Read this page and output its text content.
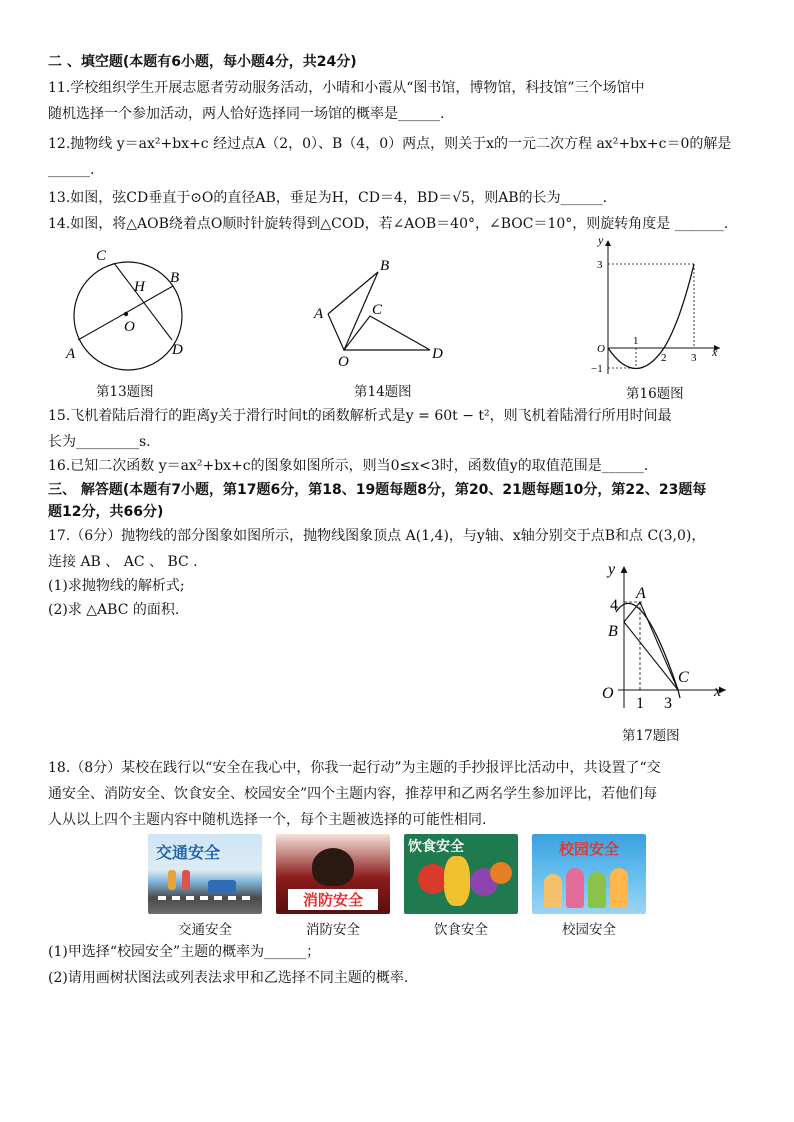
二 、填空题(本题有6小题，每小题4分，共24分)
11.学校组织学生开展志愿者劳动服务活动，小晴和小霞从“图书馆，博物馆，科技馆”三个场馆中
随机选择一个参加活动，两人恰好选择同一场馆的概率是______.
12.抛物线 y＝ax²+bx+c 经过点A（2，0）、B（4，0）两点，则关于x的一元二次方程 ax²+bx+c＝0的解是
______.
13.如图，弦CD垂直于⊙O的直径AB，垂足为H，CD＝4，BD＝√5，则AB的长为______.
14.如图，将△AOB绕着点O顺时针旋转得到△COD，若∠AOB＝40°，∠BOC＝10°，则旋转角度是 _______.
C
H
B
O
A	D
第13题图
A
B
C
O	D
第14题图
y
x
O
3
−1
1
2 3
第16题图
15.飞机着陆后滑行的距离y关于滑行时间t的函数解析式是y = 60t − t²，则飞机着陆滑行所用时间最
长为_________s.
16.已知二次函数 y＝ax²+bx+c的图象如图所示，则当0≤x<3时，函数值y的取值范围是______.
三、 解答题(本题有7小题，第17题6分，第18、19题每题8分，第20、21题每题10分，第22、23题每
题12分，共66分)
17.（6分）抛物线的部分图象如图所示，抛物线图象顶点 A(1,4)，与y轴、x轴分别交于点B和点 C(3,0)，
连接 AB 、 AC 、 BC .
(1)求抛物线的解析式;
(2)求 △ABC 的面积.
y
x
O
A
B
C
4
1 3
第17题图
18.（8分）某校在践行以“安全在我心中，你我一起行动”为主题的手抄报评比活动中，共设置了“交
通安全、消防安全、饮食安全、校园安全”四个主题内容，推荐甲和乙两名学生参加评比，若他们每
人从以上四个主题内容中随机选择一个，每个主题被选择的可能性相同.
交通安全
交通安全
消防安全
消防安全
饮食安全
饮食安全
校园安全
校园安全
(1)甲选择“校园安全”主题的概率为______；
(2)请用画树状图法或列表法求甲和乙选择不同主题的概率.
